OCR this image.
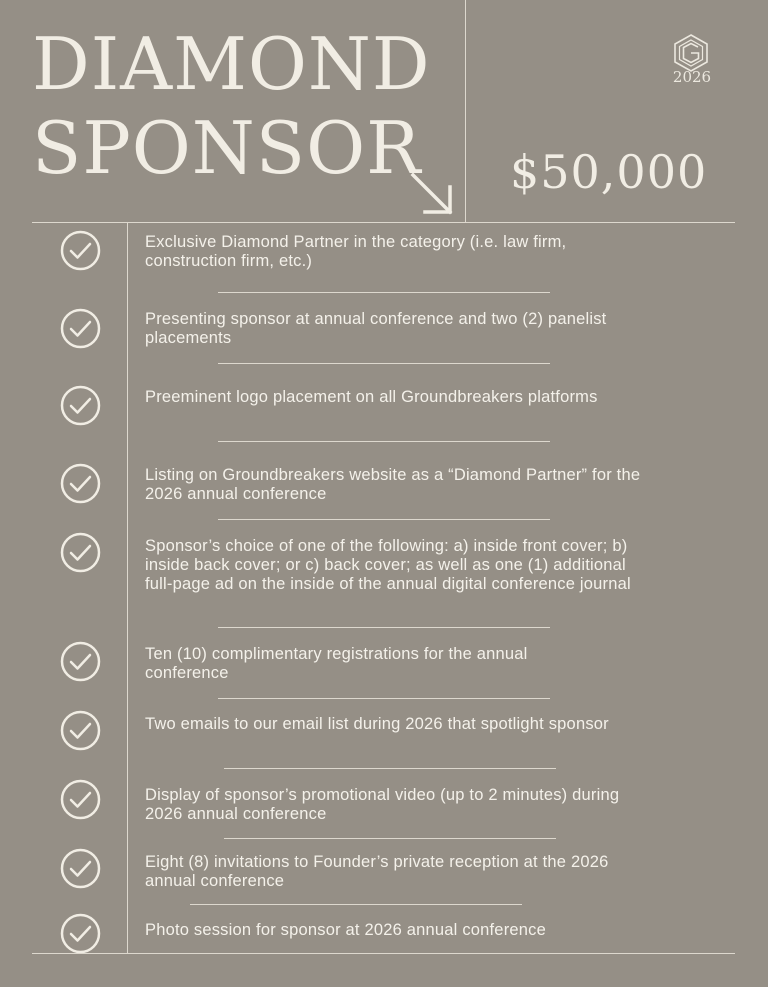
DIAMOND
SPONSOR $50,000
2026
Exclusive Diamond Partner in the category (i.e. law firm, construction firm, etc.)
Presenting sponsor at annual conference and two (2) panelist placements
Preeminent logo placement on all Groundbreakers platforms
Listing on Groundbreakers website as a “Diamond Partner” for the 2026 annual conference
Sponsor’s choice of one of the following: a) inside front cover; b) inside back cover; or c) back cover; as well as one (1) additional full-page ad on the inside of the annual digital conference journal
Ten (10) complimentary registrations for the annual conference
Two emails to our email list during 2026 that spotlight sponsor
Display of sponsor’s promotional video (up to 2 minutes) during 2026 annual conference
Eight (8) invitations to Founder’s private reception at the 2026 annual conference
Photo session for sponsor at 2026 annual conference
